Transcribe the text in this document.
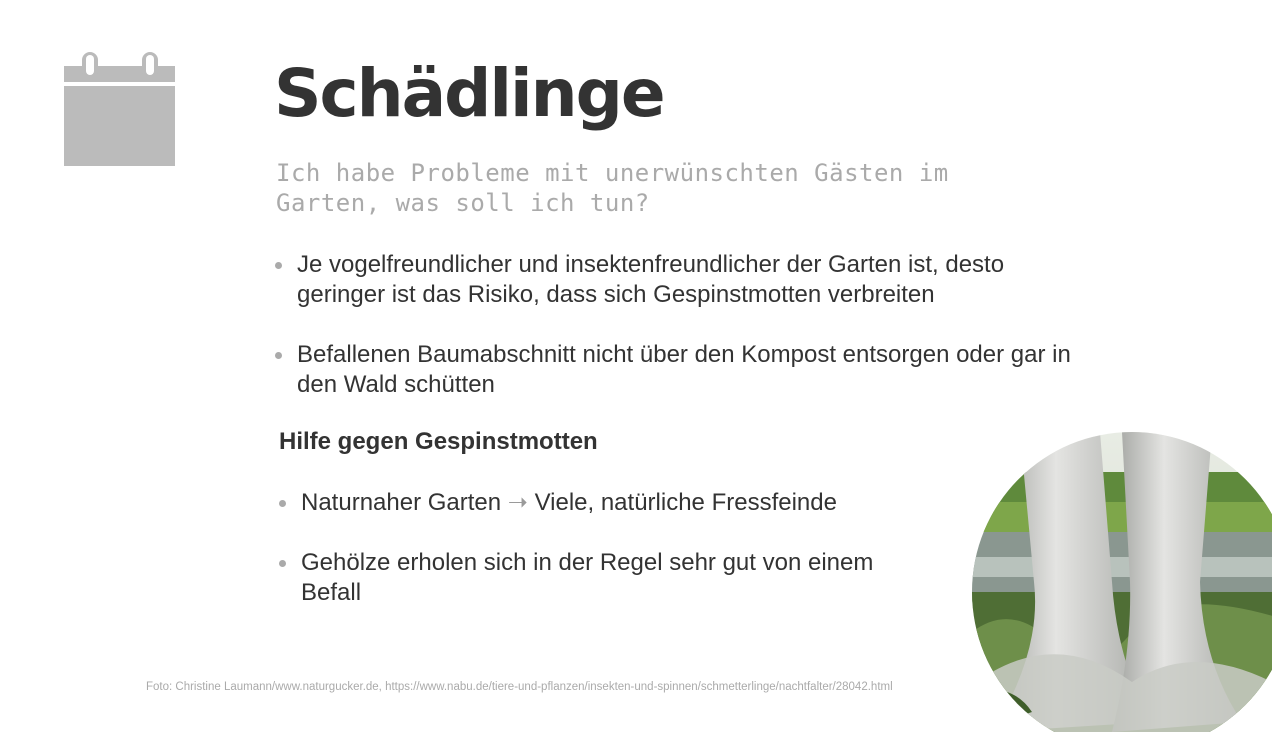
Schädlinge

Ich habe Probleme mit unerwünschten Gästen im Garten, was soll ich tun?

Je vogelfreundlicher und insektenfreundlicher der Garten ist, desto geringer ist das Risiko, dass sich Gespinstmotten verbreiten
Befallenen Baumabschnitt nicht über den Kompost entsorgen oder gar in den Wald schütten
Hilfe gegen Gespinstmotten
Naturnaher Garten ➝ Viele, natürliche Fressfeinde
Gehölze erholen sich in der Regel sehr gut von einem Befall

Foto: Christine Laumann/www.naturgucker.de, https://www.nabu.de/tiere-und-pflanzen/insekten-und-spinnen/schmetterlinge/nachtfalter/28042.html
